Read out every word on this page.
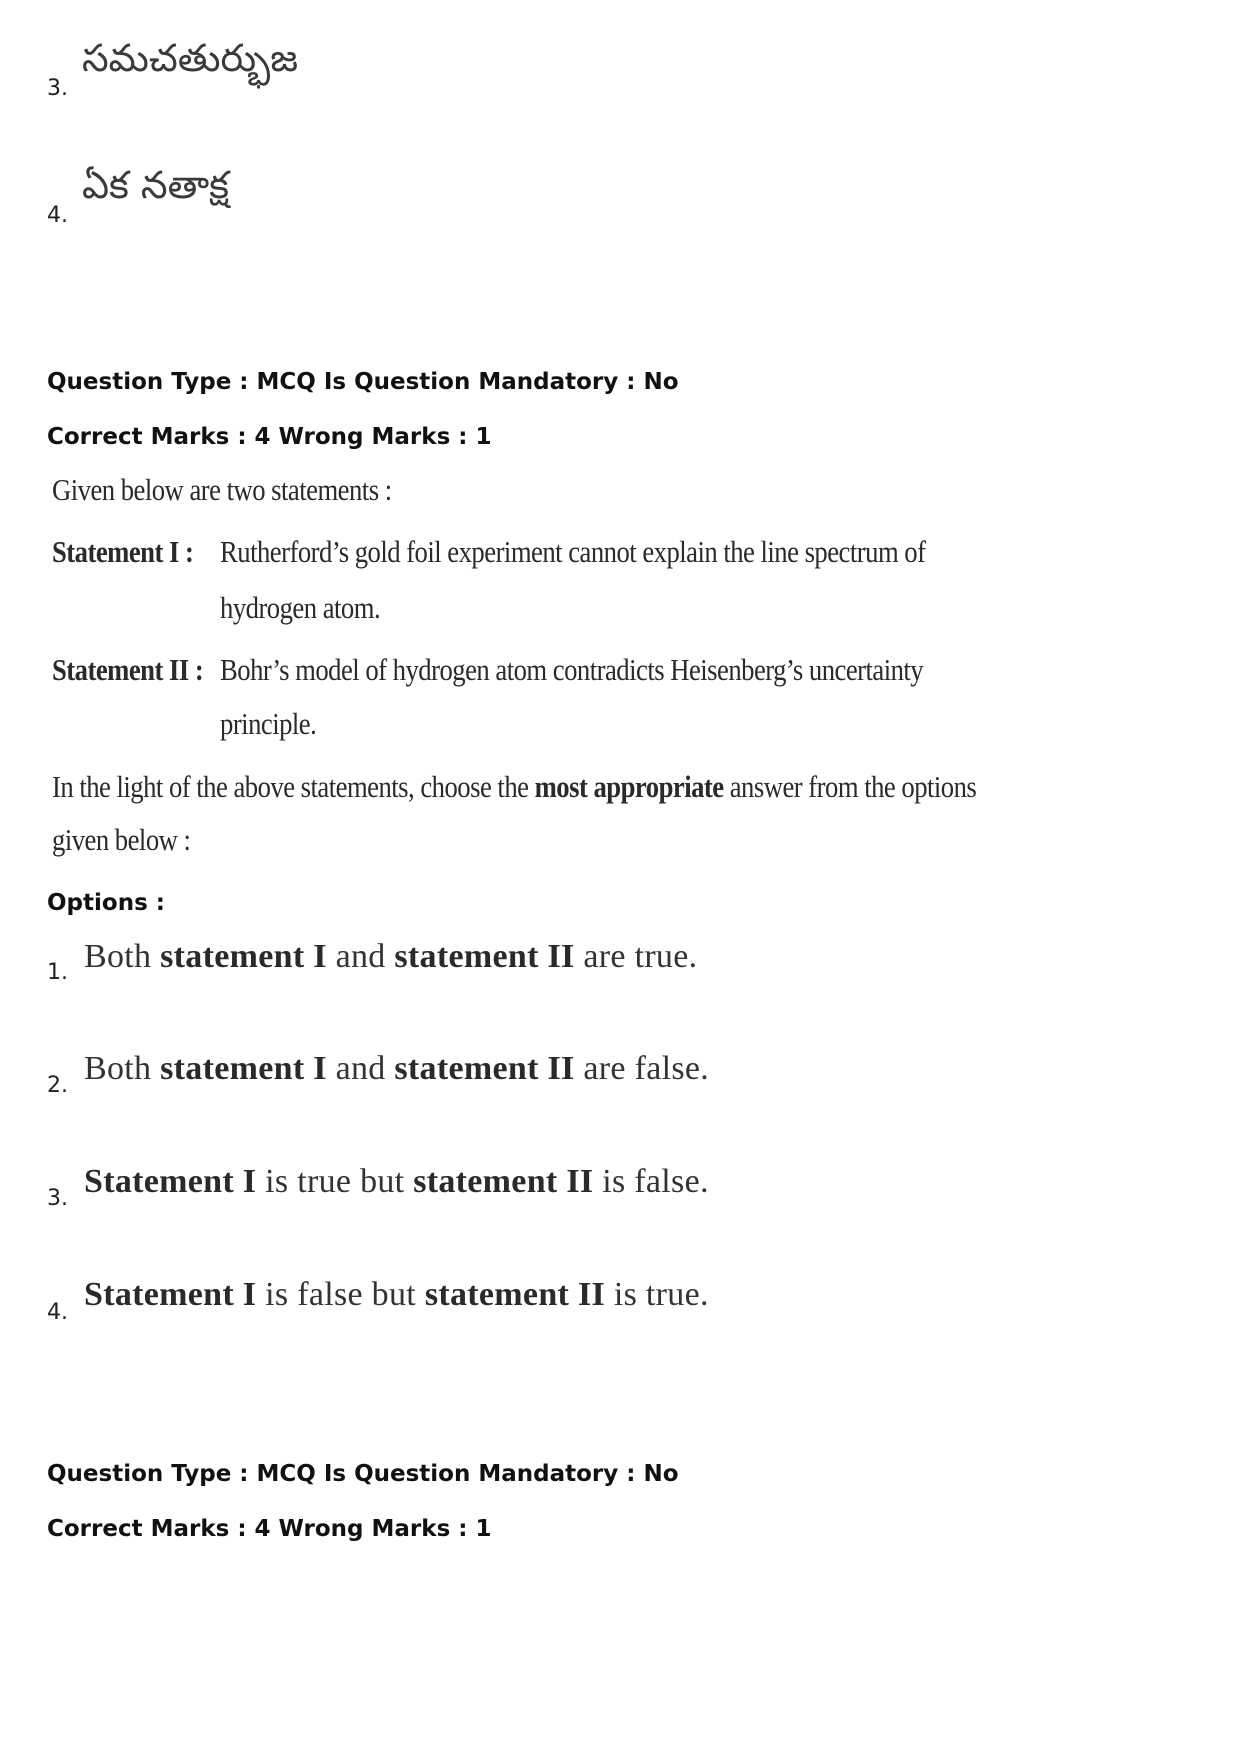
3.
సమచతుర్భుజ
4.
ఏక నతాక్ష
Question Type : MCQ Is Question Mandatory : No
Correct Marks : 4 Wrong Marks : 1
Given below are two statements :
Statement I : Rutherford’s gold foil experiment cannot explain the line spectrum of
hydrogen atom.
Statement II : Bohr’s model of hydrogen atom contradicts Heisenberg’s uncertainty
principle.
In the light of the above statements, choose the most appropriate answer from the options
given below :
Options :
1. Both statement I and statement II are true.
2. Both statement I and statement II are false.
3. Statement I is true but statement II is false.
4. Statement I is false but statement II is true.
Question Type : MCQ Is Question Mandatory : No
Correct Marks : 4 Wrong Marks : 1
